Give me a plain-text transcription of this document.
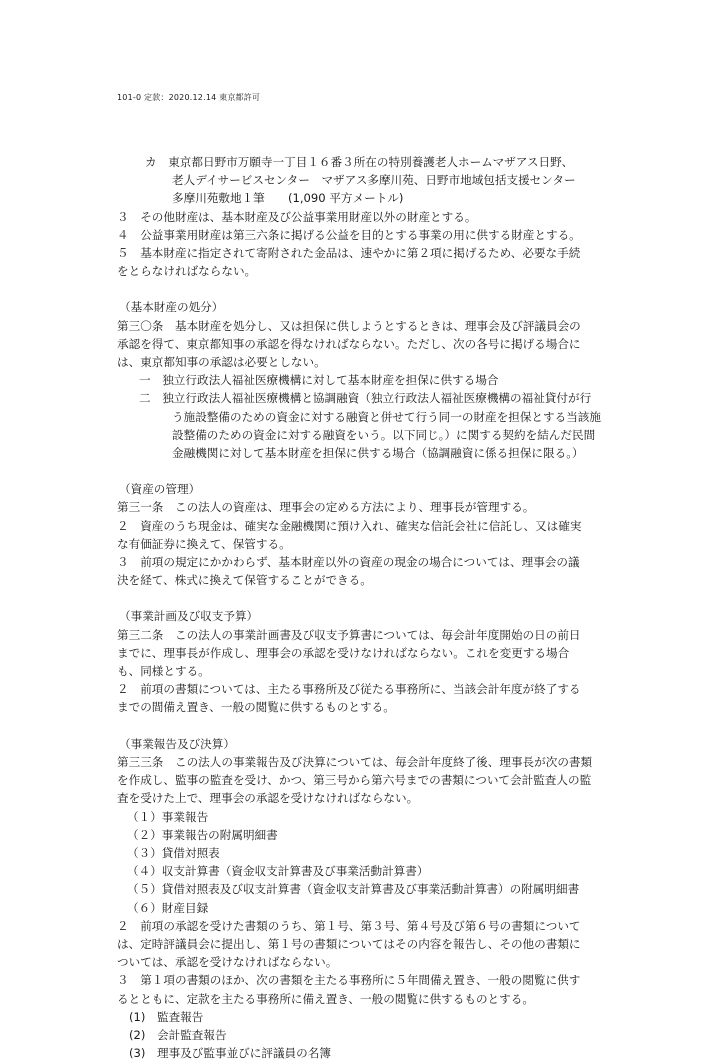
101-0 定款：2020.12.14 東京都許可
カ　東京都日野市万願寺一丁目１６番３所在の特別養護老人ホームマザアス日野、
老人デイサービスセンター　マザアス多摩川苑、日野市地域包括支援センター
多摩川苑敷地１筆　　(1,090 平方メートル)
３　その他財産は、基本財産及び公益事業用財産以外の財産とする。
４　公益事業用財産は第三六条に掲げる公益を目的とする事業の用に供する財産とする。
５　基本財産に指定されて寄附された金品は、速やかに第２項に掲げるため、必要な手続
をとらなければならない。
（基本財産の処分）
第三〇条　基本財産を処分し、又は担保に供しようとするときは、理事会及び評議員会の
承認を得て、東京都知事の承認を得なければならない。ただし、次の各号に掲げる場合に
は、東京都知事の承認は必要としない。
一　独立行政法人福祉医療機構に対して基本財産を担保に供する場合
二　独立行政法人福祉医療機構と協調融資（独立行政法人福祉医療機構の福祉貸付が行
う施設整備のための資金に対する融資と併せて行う同一の財産を担保とする当該施
設整備のための資金に対する融資をいう。以下同じ。）に関する契約を結んだ民間
金融機関に対して基本財産を担保に供する場合（協調融資に係る担保に限る。）
（資産の管理）
第三一条　この法人の資産は、理事会の定める方法により、理事長が管理する。
２　資産のうち現金は、確実な金融機関に預け入れ、確実な信託会社に信託し、又は確実
な有価証券に換えて、保管する。
３　前項の規定にかかわらず、基本財産以外の資産の現金の場合については、理事会の議
決を経て、株式に換えて保管することができる。
（事業計画及び収支予算）
第三二条　この法人の事業計画書及び収支予算書については、毎会計年度開始の日の前日
までに、理事長が作成し、理事会の承認を受けなければならない。これを変更する場合
も、同様とする。
２　前項の書類については、主たる事務所及び従たる事務所に、当該会計年度が終了する
までの間備え置き、一般の閲覧に供するものとする。
（事業報告及び決算）
第三三条　この法人の事業報告及び決算については、毎会計年度終了後、理事長が次の書類
を作成し、監事の監査を受け、かつ、第三号から第六号までの書類について会計監査人の監
査を受けた上で、理事会の承認を受けなければならない。
（１）事業報告
（２）事業報告の附属明細書
（３）貸借対照表
（４）収支計算書（資金収支計算書及び事業活動計算書）
（５）貸借対照表及び収支計算書（資金収支計算書及び事業活動計算書）の附属明細書
（６）財産目録
２　前項の承認を受けた書類のうち、第１号、第３号、第４号及び第６号の書類について
は、定時評議員会に提出し、第１号の書類についてはその内容を報告し、その他の書類に
ついては、承認を受けなければならない。
３　第１項の書類のほか、次の書類を主たる事務所に５年間備え置き、一般の閲覧に供す
るとともに、定款を主たる事務所に備え置き、一般の閲覧に供するものとする。
(1)　監査報告
(2)　会計監査報告
(3)　理事及び監事並びに評議員の名簿
